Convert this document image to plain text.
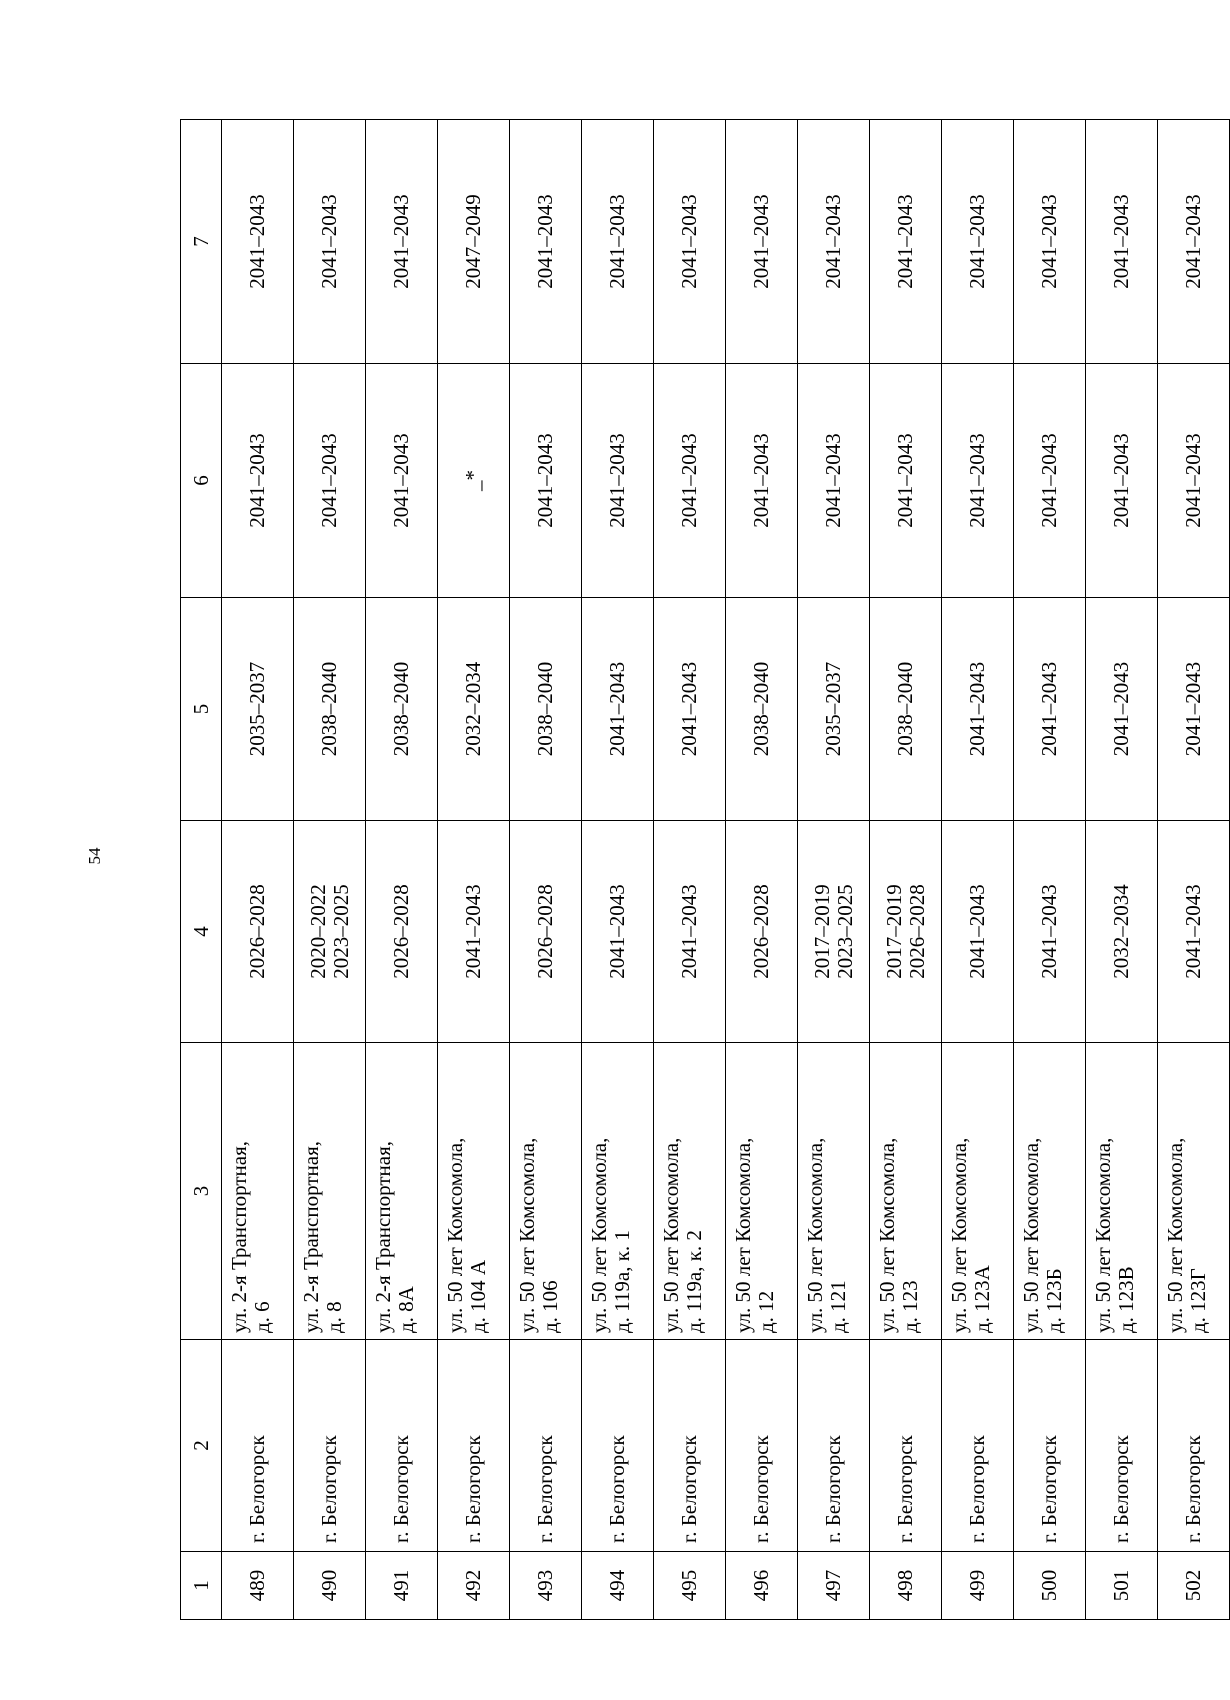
54
1	2	3	4	5	6	7
489	г. Белогорск	ул. 2-я Транспортная,
д. 6	2026–2028	2035–2037	2041–2043	2041–2043
490	г. Белогорск	ул. 2-я Транспортная,
д. 8	2020–2022
2023–2025	2038–2040	2041–2043	2041–2043
491	г. Белогорск	ул. 2-я Транспортная,
д. 8А	2026–2028	2038–2040	2041–2043	2041–2043
492	г. Белогорск	ул. 50 лет Комсомола,
д. 104 А	2041–2043	2032–2034	_*	2047–2049
493	г. Белогорск	ул. 50 лет Комсомола,
д. 106	2026–2028	2038–2040	2041–2043	2041–2043
494	г. Белогорск	ул. 50 лет Комсомола,
д. 119а, к. 1	2041–2043	2041–2043	2041–2043	2041–2043
495	г. Белогорск	ул. 50 лет Комсомола,
д. 119а, к. 2	2041–2043	2041–2043	2041–2043	2041–2043
496	г. Белогорск	ул. 50 лет Комсомола,
д. 12	2026–2028	2038–2040	2041–2043	2041–2043
497	г. Белогорск	ул. 50 лет Комсомола,
д. 121	2017–2019
2023–2025	2035–2037	2041–2043	2041–2043
498	г. Белогорск	ул. 50 лет Комсомола,
д. 123	2017–2019
2026–2028	2038–2040	2041–2043	2041–2043
499	г. Белогорск	ул. 50 лет Комсомола,
д. 123А	2041–2043	2041–2043	2041–2043	2041–2043
500	г. Белогорск	ул. 50 лет Комсомола,
д. 123Б	2041–2043	2041–2043	2041–2043	2041–2043
501	г. Белогорск	ул. 50 лет Комсомола,
д. 123В	2032–2034	2041–2043	2041–2043	2041–2043
502	г. Белогорск	ул. 50 лет Комсомола,
д. 123Г	2041–2043	2041–2043	2041–2043	2041–2043
